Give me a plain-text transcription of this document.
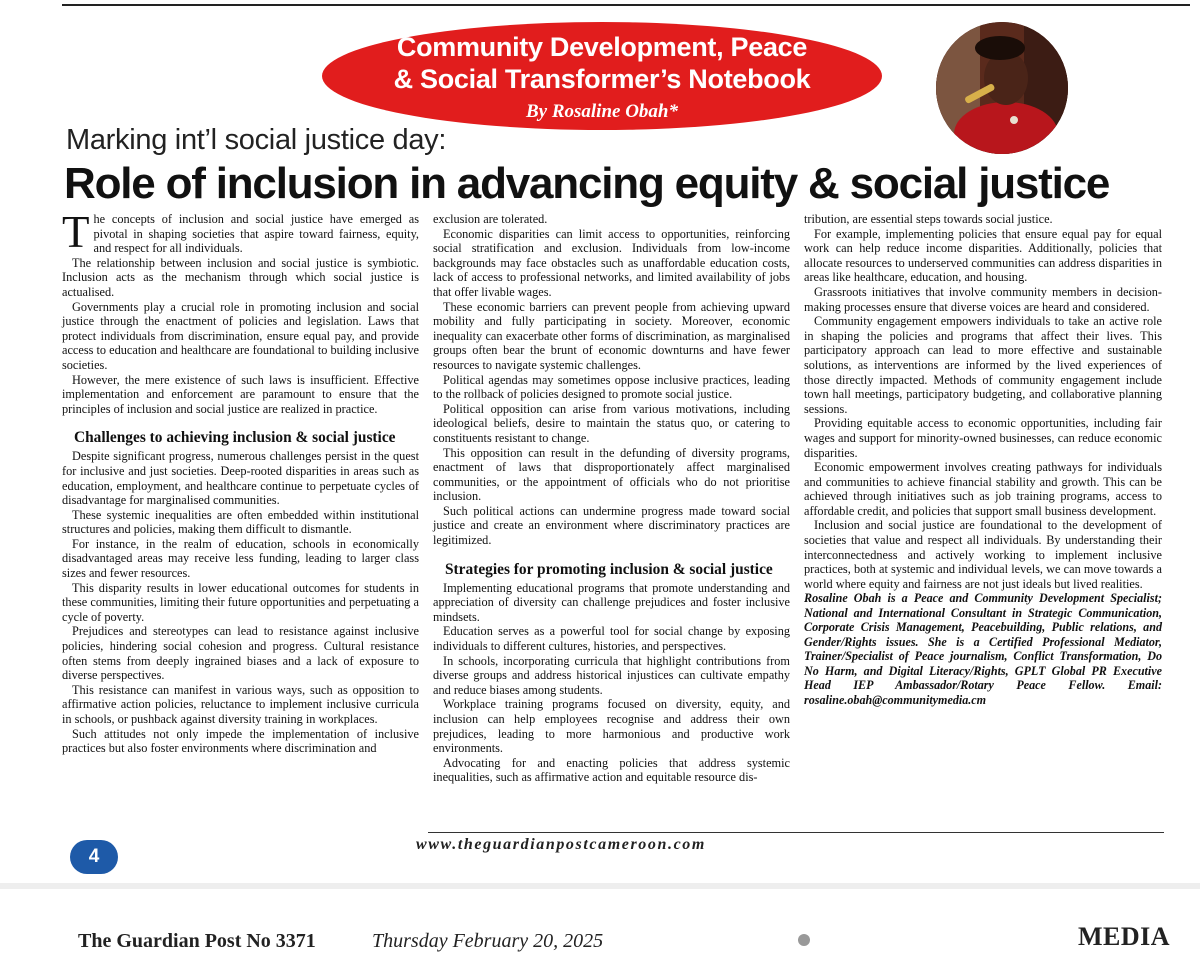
Community Development, Peace
& Social Transformer’s Notebook
By Rosaline Obah*
Marking int’l social justice day:
Role of inclusion in advancing equity & social justice

The concepts of inclusion and social justice have emerged as pivotal in shaping societies that aspire toward fairness, equity, and respect for all individuals.

The relationship between inclusion and social justice is symbiotic. Inclusion acts as the mechanism through which social justice is actualised.

Governments play a crucial role in promoting inclusion and social justice through the enactment of policies and legislation. Laws that protect individuals from discrimination, ensure equal pay, and provide access to education and healthcare are foundational to building inclusive societies.

However, the mere existence of such laws is insufficient. Effective implementation and enforcement are paramount to ensure that the principles of inclusion and social justice are realized in practice.

Challenges to achieving inclusion & social justice

Despite significant progress, numerous challenges persist in the quest for inclusive and just societies. Deep-rooted disparities in areas such as education, employment, and healthcare continue to perpetuate cycles of disadvantage for marginalised communities.

These systemic inequalities are often embedded within institutional structures and policies, making them difficult to dismantle.

For instance, in the realm of education, schools in economically disadvantaged areas may receive less funding, leading to larger class sizes and fewer resources.

This disparity results in lower educational outcomes for students in these communities, limiting their future opportunities and perpetuating a cycle of poverty.

Prejudices and stereotypes can lead to resistance against inclusive policies, hindering social cohesion and progress. Cultural resistance often stems from deeply ingrained biases and a lack of exposure to diverse perspectives.

This resistance can manifest in various ways, such as opposition to affirmative action policies, reluctance to implement inclusive curricula in schools, or pushback against diversity training in workplaces.

Such attitudes not only impede the implementation of inclusive practices but also foster environments where discrimination and

exclusion are tolerated.

Economic disparities can limit access to opportunities, reinforcing social stratification and exclusion. Individuals from low-income backgrounds may face obstacles such as unaffordable education costs, lack of access to professional networks, and limited availability of jobs that offer livable wages.

These economic barriers can prevent people from achieving upward mobility and fully participating in society. Moreover, economic inequality can exacerbate other forms of discrimination, as marginalised groups often bear the brunt of economic downturns and have fewer resources to navigate systemic challenges.

Political agendas may sometimes oppose inclusive practices, leading to the rollback of policies designed to promote social justice.

Political opposition can arise from various motivations, including ideological beliefs, desire to maintain the status quo, or catering to constituents resistant to change.

This opposition can result in the defunding of diversity programs, enactment of laws that disproportionately affect marginalised communities, or the appointment of officials who do not prioritise inclusion.

Such political actions can undermine progress made toward social justice and create an environment where discriminatory practices are legitimized.

Strategies for promoting inclusion & social justice

Implementing educational programs that promote understanding and appreciation of diversity can challenge prejudices and foster inclusive mindsets.

Education serves as a powerful tool for social change by exposing individuals to different cultures, histories, and perspectives.

In schools, incorporating curricula that highlight contributions from diverse groups and address historical injustices can cultivate empathy and reduce biases among students.

Workplace training programs focused on diversity, equity, and inclusion can help employees recognise and address their own prejudices, leading to more harmonious and productive work environments.

Advocating for and enacting policies that address systemic inequalities, such as affirmative action and equitable resource dis-

tribution, are essential steps towards social justice.

For example, implementing policies that ensure equal pay for equal work can help reduce income disparities. Additionally, policies that allocate resources to underserved communities can address disparities in areas like healthcare, education, and housing.

Grassroots initiatives that involve community members in decision-making processes ensure that diverse voices are heard and considered.

Community engagement empowers individuals to take an active role in shaping the policies and programs that affect their lives. This participatory approach can lead to more effective and sustainable solutions, as interventions are informed by the lived experiences of those directly impacted. Methods of community engagement include town hall meetings, participatory budgeting, and collaborative planning sessions.

Providing equitable access to economic opportunities, including fair wages and support for minority-owned businesses, can reduce economic disparities.

Economic empowerment involves creating pathways for individuals and communities to achieve financial stability and growth. This can be achieved through initiatives such as job training programs, access to affordable credit, and policies that support small business development.

Inclusion and social justice are foundational to the development of societies that value and respect all individuals. By understanding their interconnectedness and actively working to implement inclusive practices, both at systemic and individual levels, we can move towards a world where equity and fairness are not just ideals but lived realities.

Rosaline Obah is a Peace and Community Development Specialist; National and International Consultant in Strategic Communication, Corporate Crisis Management, Peacebuilding, Public relations, and Gender/Rights issues. She is a Certified Professional Mediator, Trainer/Specialist of Peace journalism, Conflict Transformation, Do No Harm, and Digital Literacy/Rights, GPLT Global PR Executive Head IEP Ambassador/Rotary Peace Fellow. Email: rosaline.obah@communitymedia.cm

4
www.theguardianpostcameroon.com
The Guardian Post No 3371	Thursday February 20, 2025	MEDIA
